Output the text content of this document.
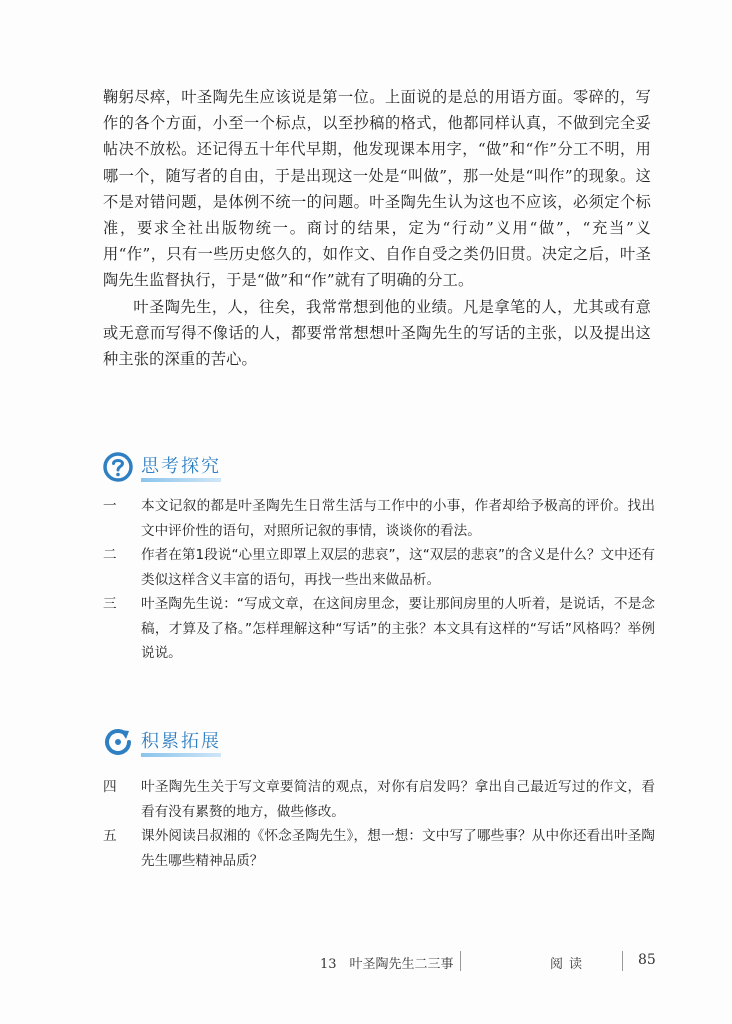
鞠躬尽瘁，叶圣陶先生应该说是第一位。上面说的是总的用语方面。零碎的，写作的各个方面，小至一个标点，以至抄稿的格式，他都同样认真，不做到完全妥帖决不放松。还记得五十年代早期，他发现课本用字，“做”和“作”分工不明，用哪一个，随写者的自由，于是出现这一处是“叫做”，那一处是“叫作”的现象。这不是对错问题，是体例不统一的问题。叶圣陶先生认为这也不应该，必须定个标准，要求全社出版物统一。商讨的结果，定为“行动”义用“做”，“充当”义用“作”，只有一些历史悠久的，如作文、自作自受之类仍旧贯。决定之后，叶圣陶先生监督执行，于是“做”和“作”就有了明确的分工。

叶圣陶先生，人，往矣，我常常想到他的业绩。凡是拿笔的人，尤其或有意或无意而写得不像话的人，都要常常想想叶圣陶先生的写话的主张，以及提出这种主张的深重的苦心。

思考探究
一	本文记叙的都是叶圣陶先生日常生活与工作中的小事，作者却给予极高的评价。找出文中评价性的语句，对照所记叙的事情，谈谈你的看法。
二	作者在第1段说“心里立即罩上双层的悲哀”，这“双层的悲哀”的含义是什么？文中还有类似这样含义丰富的语句，再找一些出来做品析。
三	叶圣陶先生说：“写成文章，在这间房里念，要让那间房里的人听着，是说话，不是念稿，才算及了格。”怎样理解这种“写话”的主张？本文具有这样的“写话”风格吗？举例说说。
积累拓展
四	叶圣陶先生关于写文章要简洁的观点，对你有启发吗？拿出自己最近写过的作文，看看有没有累赘的地方，做些修改。
五	课外阅读吕叔湘的《怀念圣陶先生》，想一想：文中写了哪些事？从中你还看出叶圣陶先生哪些精神品质？
13　叶圣陶先生二三事	阅读	85
